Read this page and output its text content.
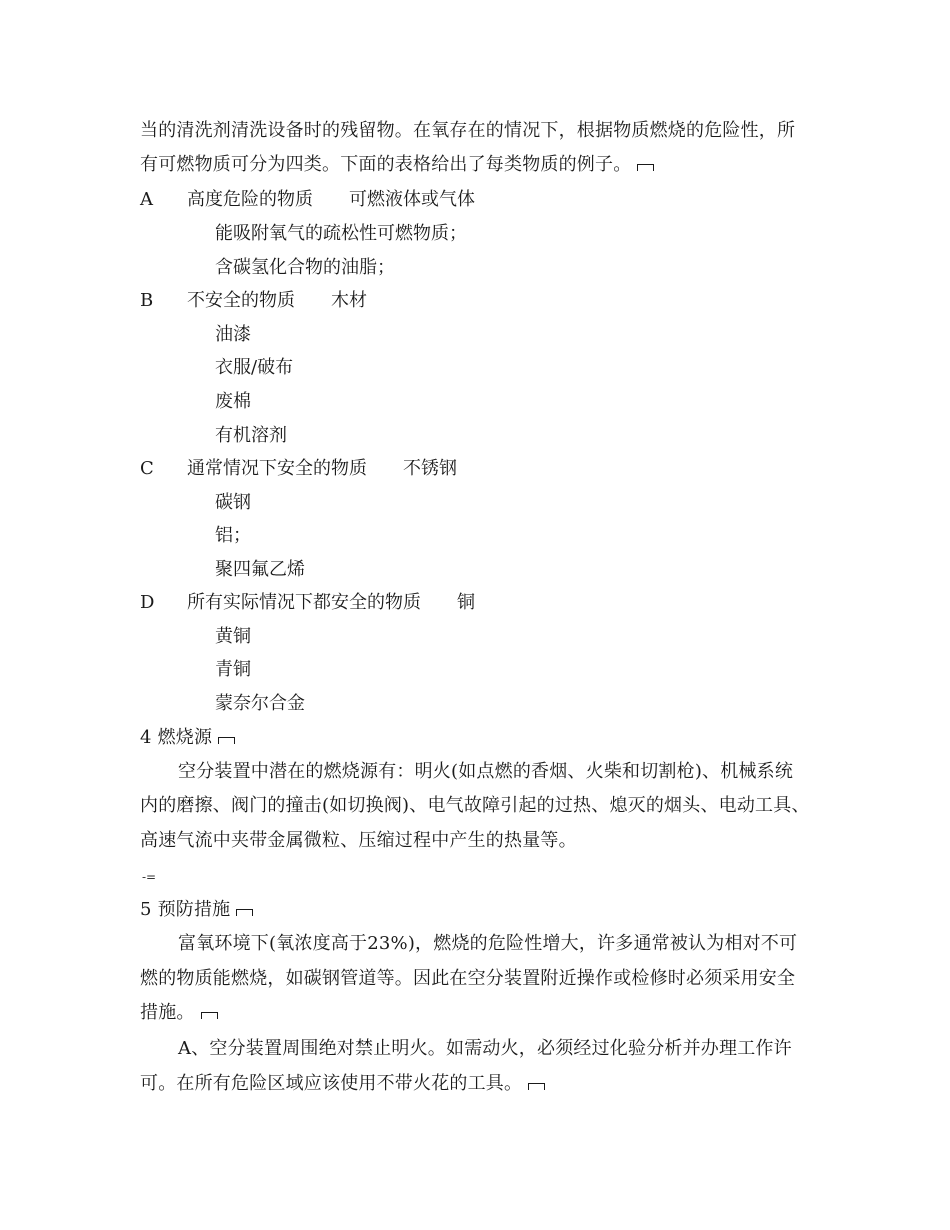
当的清洗剂清洗设备时的残留物。在氧存在的情况下，根据物质燃烧的危险性，所
有可燃物质可分为四类。下面的表格给出了每类物质的例子。
A 高度危险的物质 可燃液体或气体
能吸附氧气的疏松性可燃物质；
含碳氢化合物的油脂；
B 不安全的物质 木材
油漆
衣服/破布
废棉
有机溶剂
C 通常情况下安全的物质 不锈钢
碳钢
铝；
聚四氟乙烯
D 所有实际情况下都安全的物质 铜
黄铜
青铜
蒙奈尔合金
4 燃烧源
空分装置中潜在的燃烧源有：明火(如点燃的香烟、火柴和切割枪)、机械系统
内的磨擦、阀门的撞击(如切换阀)、电气故障引起的过热、熄灭的烟头、电动工具、
高速气流中夹带金属微粒、压缩过程中产生的热量等。
-=
5 预防措施
富氧环境下(氧浓度高于23%)，燃烧的危险性增大，许多通常被认为相对不可
燃的物质能燃烧，如碳钢管道等。因此在空分装置附近操作或检修时必须采用安全
措施。
A、空分装置周围绝对禁止明火。如需动火，必须经过化验分析并办理工作许
可。在所有危险区域应该使用不带火花的工具。
